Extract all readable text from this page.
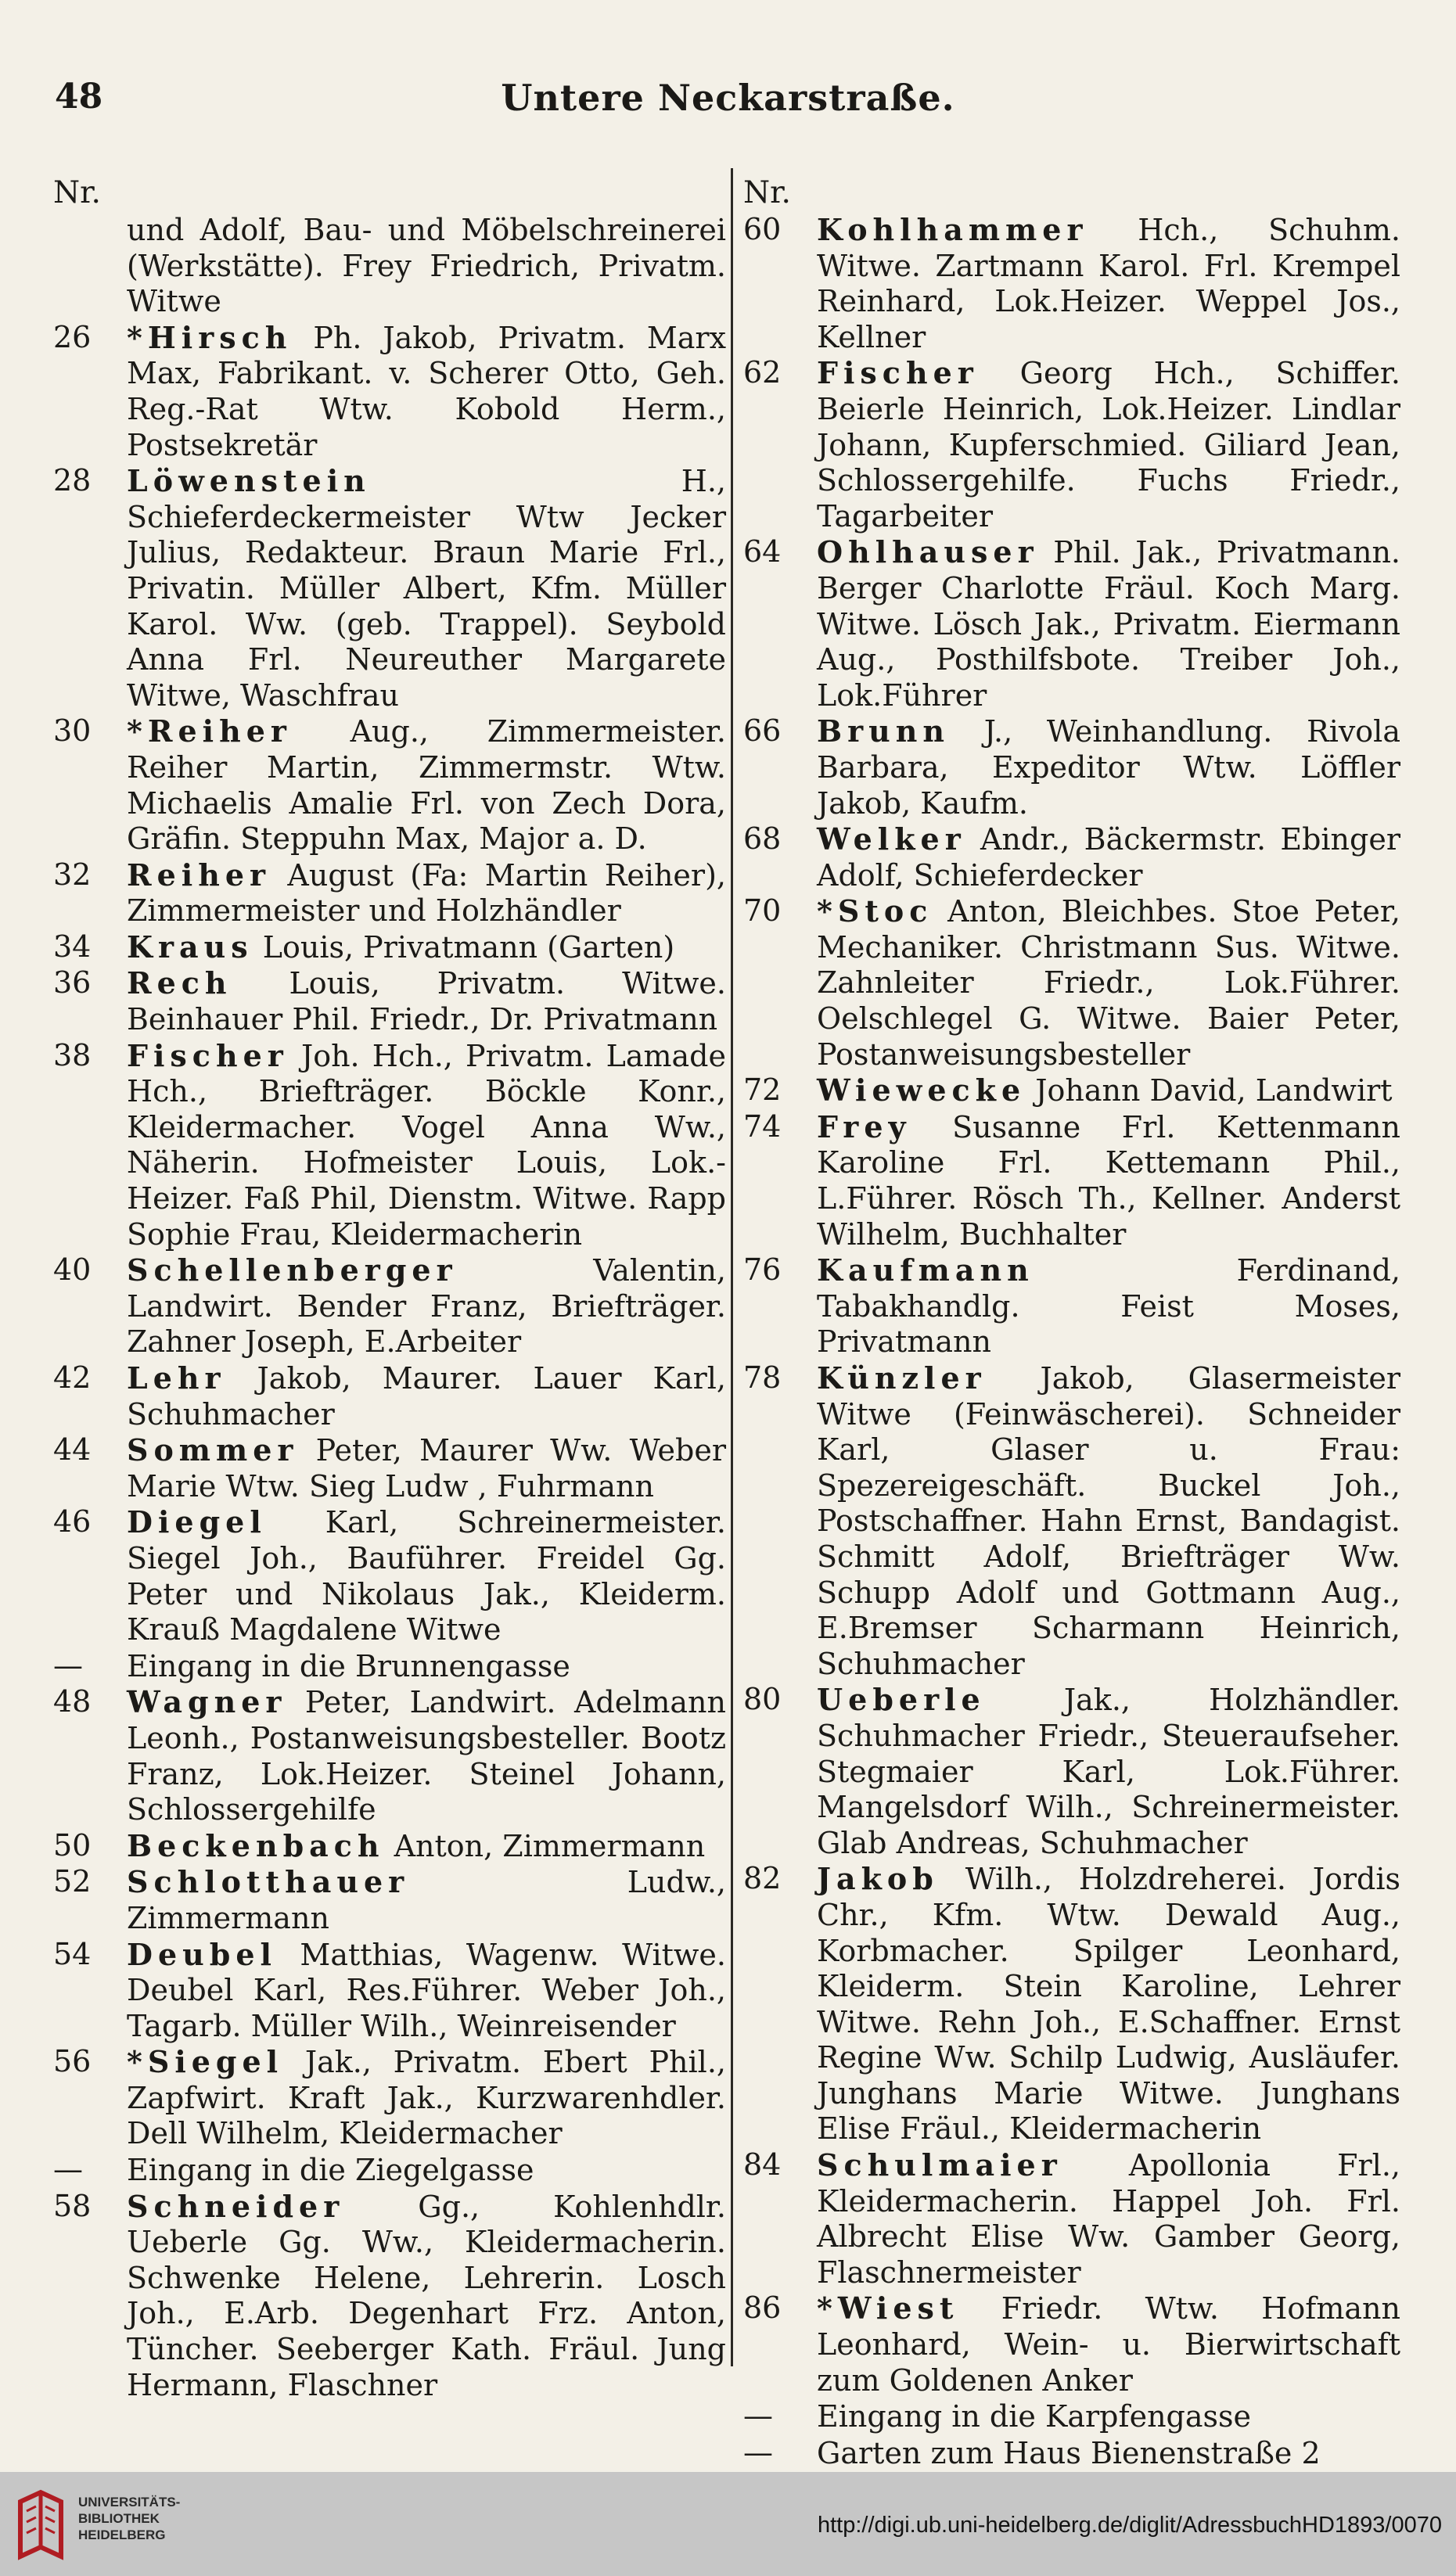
48	Untere Neckarstraße.
Nr.
und Adolf, Bau- und Möbelschreinerei (Werkstätte). Frey Friedrich, Privatm. Witwe
26	*Hirsch Ph. Jakob, Privatm. Marx Max, Fabrikant. v. Scherer Otto, Geh. Reg.-Rat Wtw. Kobold Herm., Postsekretär
28	Löwenstein H., Schieferdeckermeister Wtw Jecker Julius, Redakteur. Braun Marie Frl., Privatin. Müller Albert, Kfm. Müller Karol. Ww. (geb. Trappel). Seybold Anna Frl. Neureuther Margarete Witwe, Waschfrau
30	*Reiher Aug., Zimmermeister. Reiher Martin, Zimmermstr. Wtw. Michaelis Amalie Frl. von Zech Dora, Gräfin. Steppuhn Max, Major a. D.
32	Reiher August (Fa: Martin Reiher), Zimmermeister und Holzhändler
34	Kraus Louis, Privatmann (Garten)
36	Rech Louis, Privatm. Witwe. Beinhauer Phil. Friedr., Dr. Privatmann
38	Fischer Joh. Hch., Privatm. Lamade Hch., Briefträger. Böckle Konr., Kleidermacher. Vogel Anna Ww., Näherin. Hofmeister Louis, Lok.-Heizer. Faß Phil, Dienstm. Witwe. Rapp Sophie Frau, Kleidermacherin
40	Schellenberger Valentin, Landwirt. Bender Franz, Briefträger. Zahner Joseph, E.Arbeiter
42	Lehr Jakob, Maurer. Lauer Karl, Schuhmacher
44	Sommer Peter, Maurer Ww. Weber Marie Wtw. Sieg Ludw , Fuhrmann
46	Diegel Karl, Schreinermeister. Siegel Joh., Bauführer. Freidel Gg. Peter und Nikolaus Jak., Kleiderm. Krauß Magdalene Witwe
—	Eingang in die Brunnengasse
48	Wagner Peter, Landwirt. Adelmann Leonh., Postanweisungsbesteller. Bootz Franz, Lok.Heizer. Steinel Johann, Schlossergehilfe
50	Beckenbach Anton, Zimmermann
52	Schlotthauer Ludw., Zimmermann
54	Deubel Matthias, Wagenw. Witwe. Deubel Karl, Res.Führer. Weber Joh., Tagarb. Müller Wilh., Weinreisender
56	*Siegel Jak., Privatm. Ebert Phil., Zapfwirt. Kraft Jak., Kurzwarenhdler. Dell Wilhelm, Kleidermacher
—	Eingang in die Ziegelgasse
58	Schneider Gg., Kohlenhdlr. Ueberle Gg. Ww., Kleidermacherin. Schwenke Helene, Lehrerin. Losch Joh., E.Arb. Degenhart Frz. Anton, Tüncher. Seeberger Kath. Fräul. Jung Hermann, Flaschner
Nr.
60	Kohlhammer Hch., Schuhm. Witwe. Zartmann Karol. Frl. Krempel Reinhard, Lok.Heizer. Weppel Jos., Kellner
62	Fischer Georg Hch., Schiffer. Beierle Heinrich, Lok.Heizer. Lindlar Johann, Kupferschmied. Giliard Jean, Schlossergehilfe. Fuchs Friedr., Tagarbeiter
64	Ohlhauser Phil. Jak., Privatmann. Berger Charlotte Fräul. Koch Marg. Witwe. Lösch Jak., Privatm. Eiermann Aug., Posthilfsbote. Treiber Joh., Lok.Führer
66	Brunn J., Weinhandlung. Rivola Barbara, Expeditor Wtw. Löffler Jakob, Kaufm.
68	Welker Andr., Bäckermstr. Ebinger Adolf, Schieferdecker
70	*Stoc Anton, Bleichbes. Stoe Peter, Mechaniker. Christmann Sus. Witwe. Zahnleiter Friedr., Lok.Führer. Oelschlegel G. Witwe. Baier Peter, Postanweisungsbesteller
72	Wiewecke Johann David, Landwirt
74	Frey Susanne Frl. Kettenmann Karoline Frl. Kettemann Phil., L.Führer. Rösch Th., Kellner. Anderst Wilhelm, Buchhalter
76	Kaufmann Ferdinand, Tabakhandlg. Feist Moses, Privatmann
78	Künzler Jakob, Glasermeister Witwe (Feinwäscherei). Schneider Karl, Glaser u. Frau: Spezereigeschäft. Buckel Joh., Postschaffner. Hahn Ernst, Bandagist. Schmitt Adolf, Briefträger Ww. Schupp Adolf und Gottmann Aug., E.Bremser Scharmann Heinrich, Schuhmacher
80	Ueberle Jak., Holzhändler. Schuhmacher Friedr., Steueraufseher. Stegmaier Karl, Lok.Führer. Mangelsdorf Wilh., Schreinermeister. Glab Andreas, Schuhmacher
82	Jakob Wilh., Holzdreherei. Jordis Chr., Kfm. Wtw. Dewald Aug., Korbmacher. Spilger Leonhard, Kleiderm. Stein Karoline, Lehrer Witwe. Rehn Joh., E.Schaffner. Ernst Regine Ww. Schilp Ludwig, Ausläufer. Junghans Marie Witwe. Junghans Elise Fräul., Kleidermacherin
84	Schulmaier Apollonia Frl., Kleidermacherin. Happel Joh. Frl. Albrecht Elise Ww. Gamber Georg, Flaschnermeister
86	*Wiest Friedr. Wtw. Hofmann Leonhard, Wein- u. Bierwirtschaft zum Goldenen Anker
—	Eingang in die Karpfengasse
—	Garten zum Haus Bienenstraße 2
UNIVERSITÄTS-
BIBLIOTHEK
HEIDELBERG	http://digi.ub.uni-heidelberg.de/diglit/AdressbuchHD1893/0070
